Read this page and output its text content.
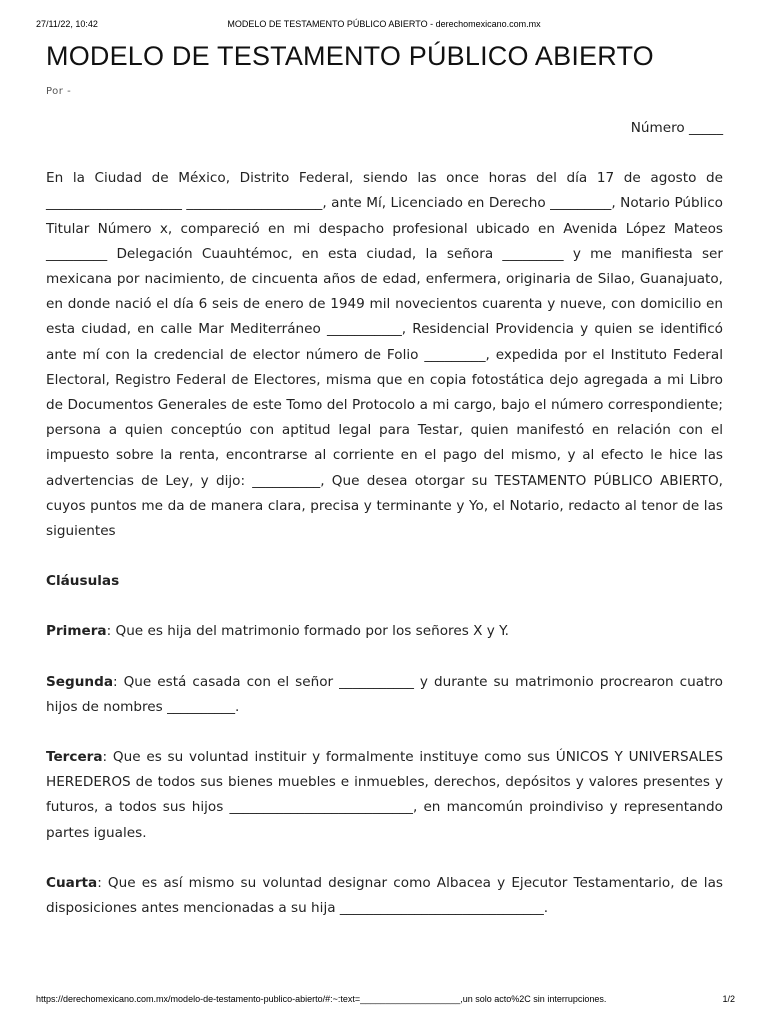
27/11/22, 10:42	MODELO DE TESTAMENTO PÚBLICO ABIERTO - derechomexicano.com.mx
MODELO DE TESTAMENTO PÚBLICO ABIERTO
Por -

Número _____

En la Ciudad de México, Distrito Federal, siendo las once horas del día 17 de agosto de ____________________ ____________________, ante Mí, Licenciado en Derecho _________, Notario Público Titular Número x, compareció en mi despacho profesional ubicado en Avenida López Mateos _________ Delegación Cuauhtémoc, en esta ciudad, la señora _________ y me manifiesta ser mexicana por nacimiento, de cincuenta años de edad, enfermera, originaria de Silao, Guanajuato, en donde nació el día 6 seis de enero de 1949 mil novecientos cuarenta y nueve, con domicilio en esta ciudad, en calle Mar Mediterráneo ___________, Residencial Providencia y quien se identificó ante mí con la credencial de elector número de Folio _________, expedida por el Instituto Federal Electoral, Registro Federal de Electores, misma que en copia fotostática dejo agregada a mi Libro de Documentos Generales de este Tomo del Protocolo a mi cargo, bajo el número correspondiente; persona a quien conceptúo con aptitud legal para Testar, quien manifestó en relación con el impuesto sobre la renta, encontrarse al corriente en el pago del mismo, y al efecto le hice las advertencias de Ley, y dijo: __________, Que desea otorgar su TESTAMENTO PÚBLICO ABIERTO, cuyos puntos me da de manera clara, precisa y terminante y Yo, el Notario, redacto al tenor de las siguientes

Cláusulas

Primera: Que es hija del matrimonio formado por los señores X y Y.

Segunda: Que está casada con el señor ___________ y durante su matrimonio procrearon cuatro hijos de nombres __________.

Tercera: Que es su voluntad instituir y formalmente instituye como sus ÚNICOS Y UNIVERSALES HEREDEROS de todos sus bienes muebles e inmuebles, derechos, depósitos y valores presentes y futuros, a todos sus hijos ___________________________, en mancomún proindiviso y representando partes iguales.

Cuarta: Que es así mismo su voluntad designar como Albacea y Ejecutor Testamentario, de las disposiciones antes mencionadas a su hija ______________________________.

https://derechomexicano.com.mx/modelo-de-testamento-publico-abierto/#:~:text=____________________,un solo acto%2C sin interrupciones.	1/2
